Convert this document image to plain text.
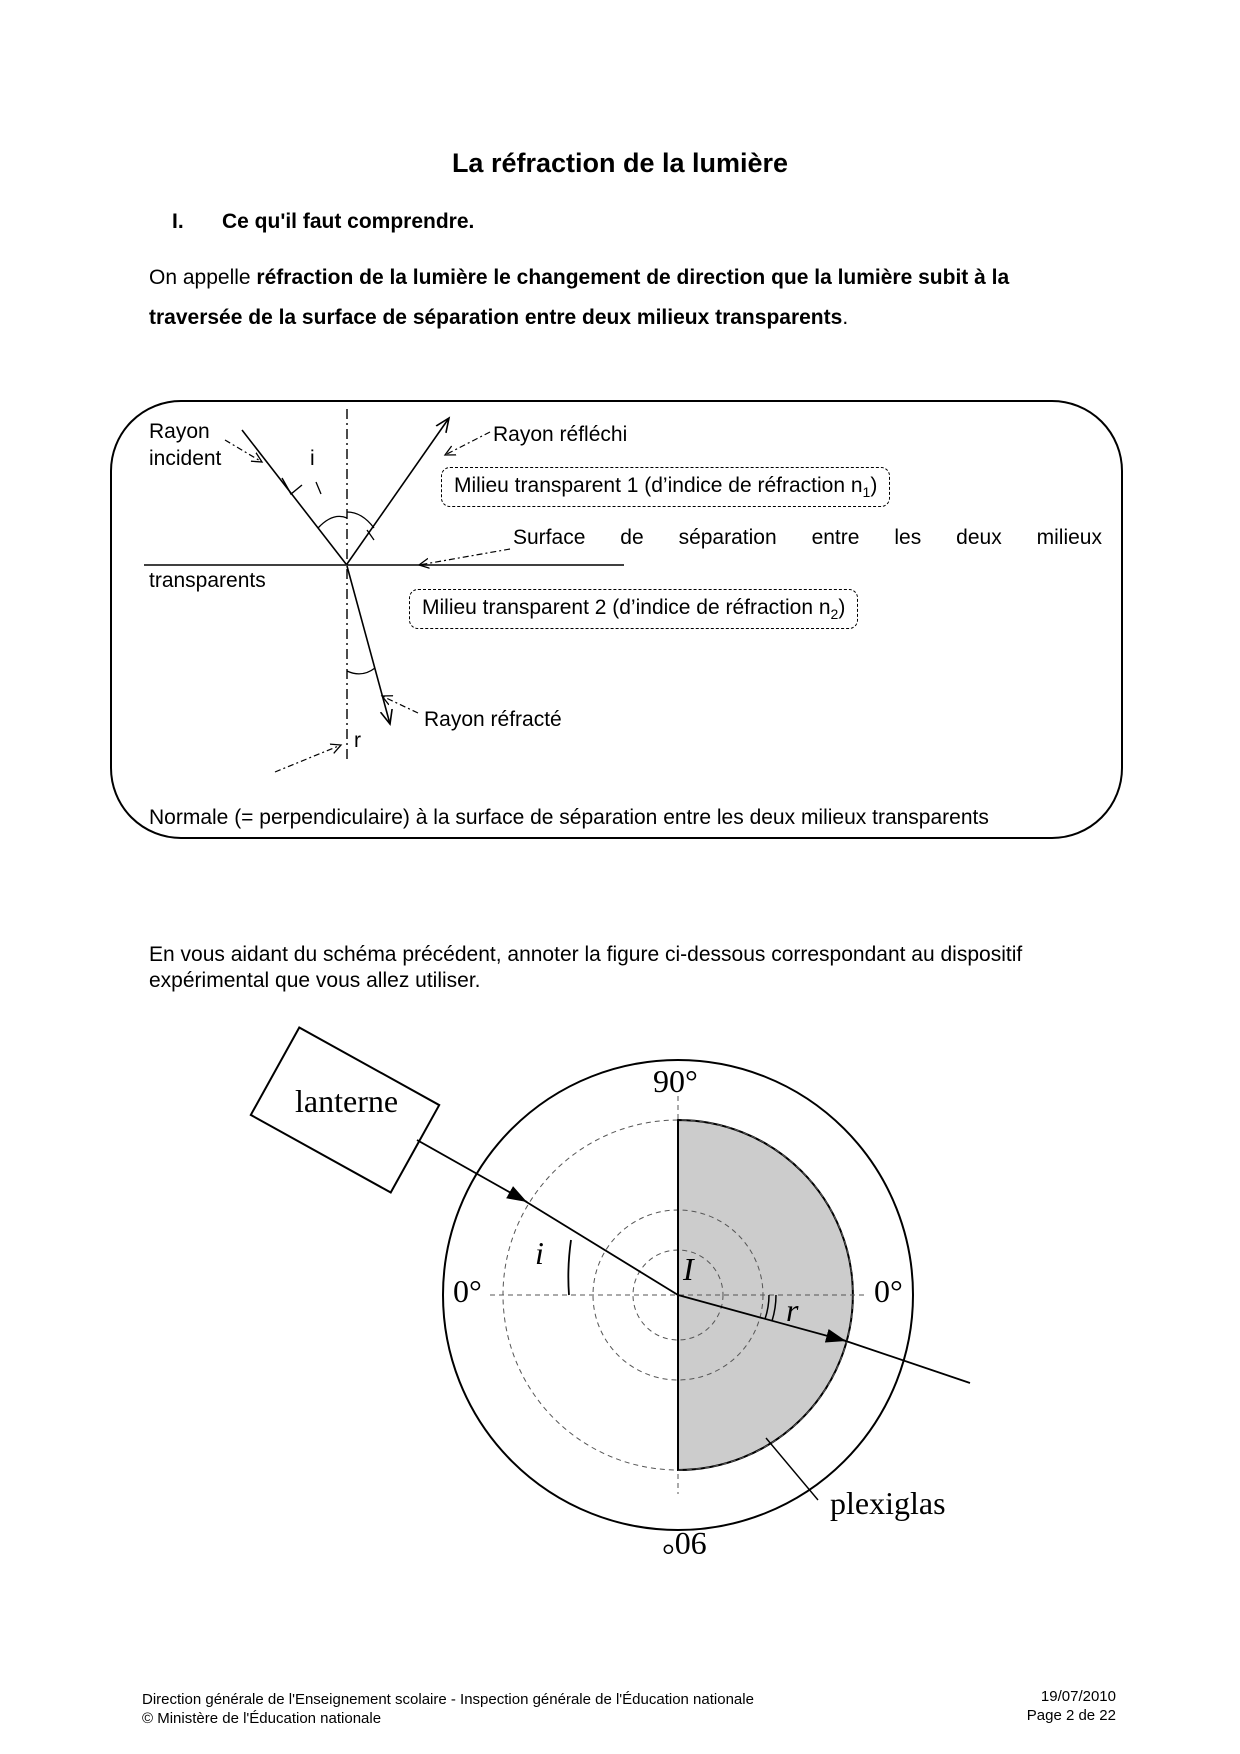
La réfraction de la lumière
I. Ce qu'il faut comprendre.
On appelle réfraction de la lumière le changement de direction que la lumière subit à la traversée de la surface de séparation entre deux milieux transparents.
Rayon
incident	i
Rayon réfléchi
Milieu transparent 1 (d’indice de réfraction $n_1$)
Surface de séparation entre les deux milieux
transparents
Milieu transparent 2 (d’indice de réfraction $n_2$)
Rayon réfracté
r
Normale (= perpendiculaire) à la surface de séparation entre les deux milieux transparents
En vous aidant du schéma précédent, annoter la figure ci-dessous correspondant au dispositif expérimental que vous allez utiliser.
lanterne
90°
0°	0°
90°
i	I
r
plexiglas
Direction générale de l'Enseignement scolaire - Inspection générale de l'Éducation nationale
© Ministère de l'Éducation nationale
19/07/2010
Page 2 de 22
